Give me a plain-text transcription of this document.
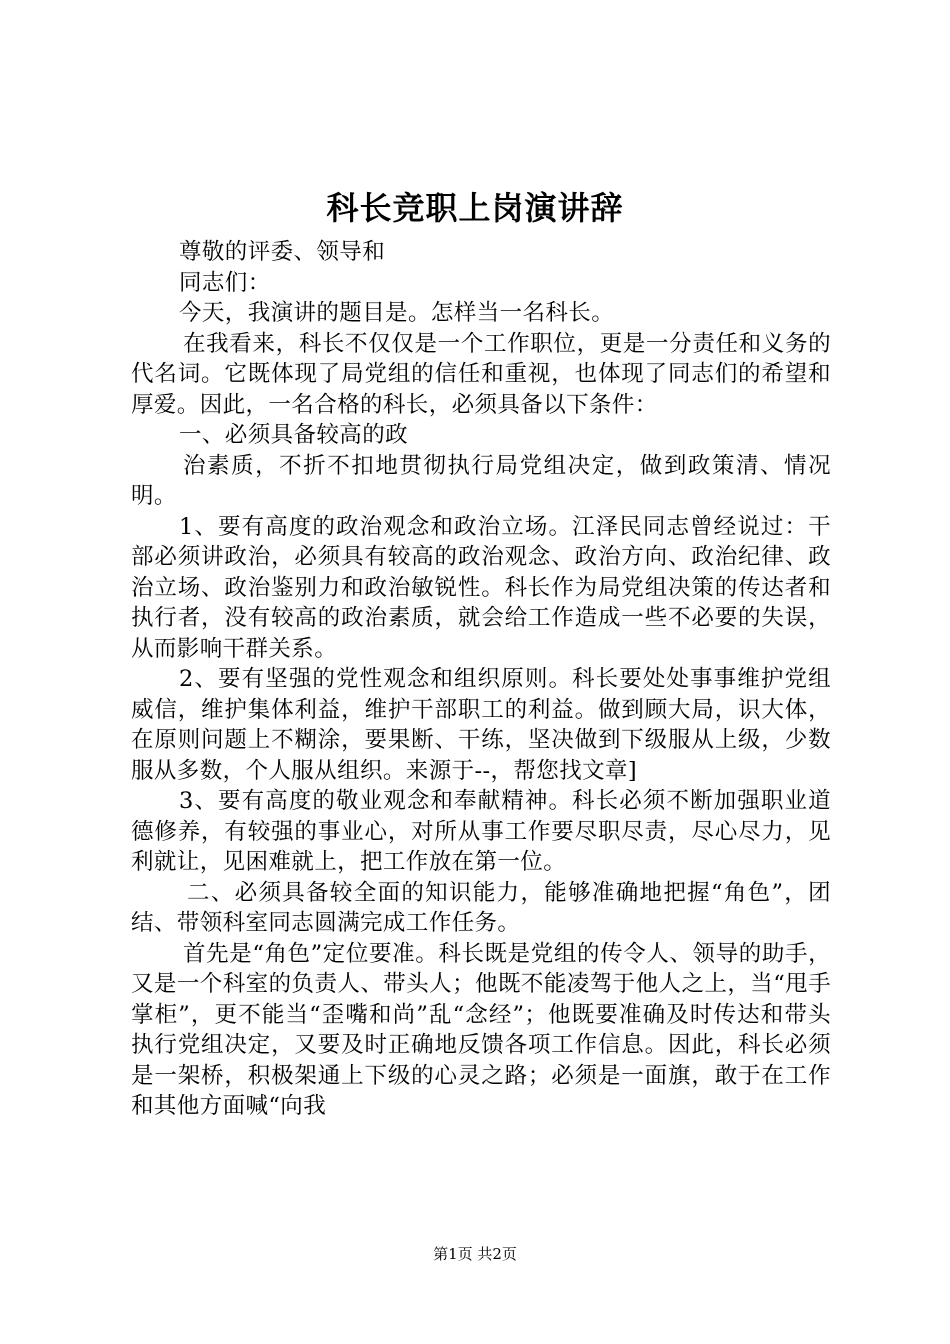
科长竞职上岗演讲辞

尊敬的评委、领导和

同志们：

今天，我演讲的题目是。怎样当一名科长。

在我看来，科长不仅仅是一个工作职位，更是一分责任和义务的代名词。它既体现了局党组的信任和重视，也体现了同志们的希望和厚爱。因此，一名合格的科长，必须具备以下条件：

一、必须具备较高的政

治素质，不折不扣地贯彻执行局党组决定，做到政策清、情况明。

1、要有高度的政治观念和政治立场。江泽民同志曾经说过：干部必须讲政治，必须具有较高的政治观念、政治方向、政治纪律、政治立场、政治鉴别力和政治敏锐性。科长作为局党组决策的传达者和执行者，没有较高的政治素质，就会给工作造成一些不必要的失误，从而影响干群关系。

2、要有坚强的党性观念和组织原则。科长要处处事事维护党组威信，维护集体利益，维护干部职工的利益。做到顾大局，识大体，在原则问题上不糊涂，要果断、干练，坚决做到下级服从上级，少数服从多数，个人服从组织。来源于--，帮您找文章]

3、要有高度的敬业观念和奉献精神。科长必须不断加强职业道德修养，有较强的事业心，对所从事工作要尽职尽责，尽心尽力，见利就让，见困难就上，把工作放在第一位。

二、必须具备较全面的知识能力，能够准确地把握“角色”，团结、带领科室同志圆满完成工作任务。

首先是“角色”定位要准。科长既是党组的传令人、领导的助手，又是一个科室的负责人、带头人；他既不能凌驾于他人之上，当“甩手掌柜”，更不能当“歪嘴和尚”乱“念经”；他既要准确及时传达和带头执行党组决定，又要及时正确地反馈各项工作信息。因此，科长必须是一架桥，积极架通上下级的心灵之路；必须是一面旗，敢于在工作和其他方面喊“向我

第1页 共2页
